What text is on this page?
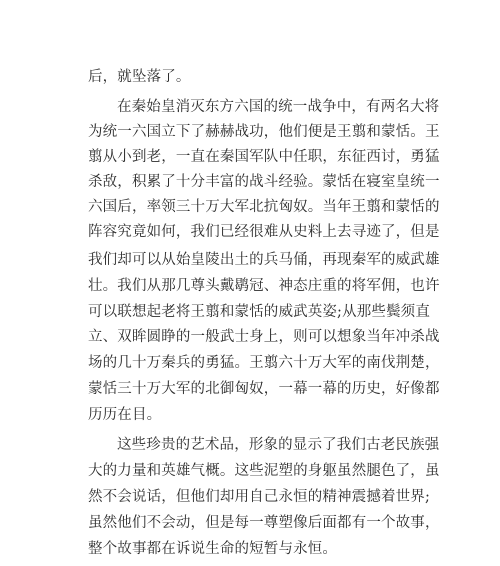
后，就坠落了。
在秦始皇消灭东方六国的统一战争中，有两名大将
为统一六国立下了赫赫战功，他们便是王翦和蒙恬。王
翦从小到老，一直在秦国军队中任职，东征西讨，勇猛
杀敌，积累了十分丰富的战斗经验。蒙恬在寝室皇统一
六国后，率领三十万大军北抗匈奴。当年王翦和蒙恬的
阵容究竟如何，我们已经很难从史料上去寻迹了，但是
我们却可以从始皇陵出土的兵马俑，再现秦军的威武雄
壮。我们从那几尊头戴鹖冠、神态庄重的将军佣，也许
可以联想起老将王翦和蒙恬的威武英姿;从那些鬓须直
立、双眸圆睁的一般武士身上，则可以想象当年冲杀战
场的几十万秦兵的勇猛。王翦六十万大军的南伐荆楚，
蒙恬三十万大军的北御匈奴，一幕一幕的历史，好像都
历历在目。
这些珍贵的艺术品，形象的显示了我们古老民族强
大的力量和英雄气概。这些泥塑的身躯虽然腿色了，虽
然不会说话，但他们却用自己永恒的精神震撼着世界;
虽然他们不会动，但是每一尊塑像后面都有一个故事，
整个故事都在诉说生命的短暂与永恒。
